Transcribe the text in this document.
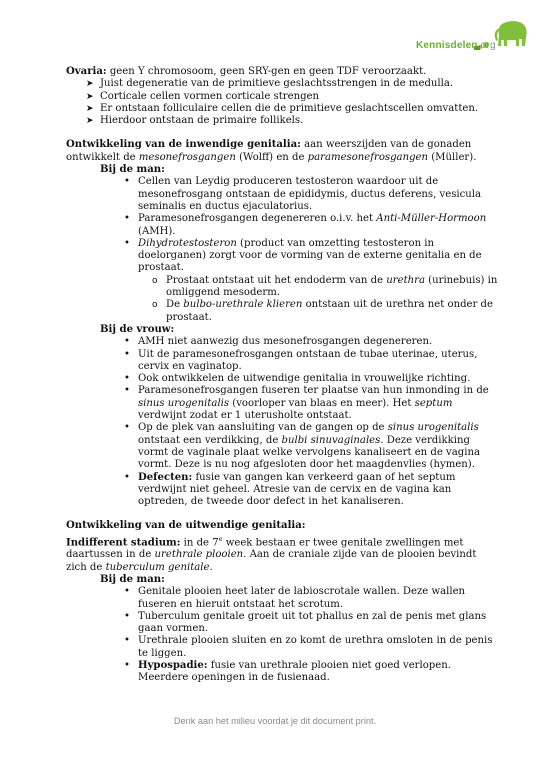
Kennisdelen.org

Ovaria: geen Y chromosoom, geen SRY-gen en geen TDF veroorzaakt.

➤ Juist degeneratie van de primitieve geslachtsstrengen in de medulla.
➤ Corticale cellen vormen corticale strengen
➤ Er ontstaan folliculaire cellen die de primitieve geslachtscellen omvatten.
➤ Hierdoor ontstaan de primaire follikels.

Ontwikkeling van de inwendige genitalia: aan weerszijden van de gonaden ontwikkelt de mesonefrosgangen (Wolff) en de paramesonefrosgangen (Müller).

Bij de man:

• Cellen van Leydig produceren testosteron waardoor uit de mesonefrosgang ontstaan de epididymis, ductus deferens, vesicula seminalis en ductus ejaculatorius.
• Paramesonefrosgangen degenereren o.i.v. het Anti-Müller-Hormoon (AMH).
• Dihydrotestosteron (product van omzetting testosteron in doelorganen) zorgt voor de vorming van de externe genitalia en de prostaat.
o Prostaat ontstaat uit het endoderm van de urethra (urinebuis) in omliggend mesoderm.
o De bulbo-urethrale klieren ontstaan uit de urethra net onder de prostaat.

Bij de vrouw:

• AMH niet aanwezig dus mesonefrosgangen degenereren.
• Uit de paramesonefrosgangen ontstaan de tubae uterinae, uterus, cervix en vaginatop.
• Ook ontwikkelen de uitwendige genitalia in vrouwelijke richting.
• Paramesonefrosgangen fuseren ter plaatse van hun inmonding in de sinus urogenitalis (voorloper van blaas en meer). Het septum verdwijnt zodat er 1 uterusholte ontstaat.
• Op de plek van aansluiting van de gangen op de sinus urogenitalis ontstaat een verdikking, de bulbi sinuvaginales. Deze verdikking vormt de vaginale plaat welke vervolgens kanaliseert en de vagina vormt. Deze is nu nog afgesloten door het maagdenvlies (hymen).
• Defecten: fusie van gangen kan verkeerd gaan of het septum verdwijnt niet geheel. Atresie van de cervix en de vagina kan optreden, de tweede door defect in het kanaliseren.

Ontwikkeling van de uitwendige genitalia:

Indifferent stadium: in de 7e week bestaan er twee genitale zwellingen met daartussen in de urethrale plooien. Aan de craniale zijde van de plooien bevindt zich de tuberculum genitale.

Bij de man:

• Genitale plooien heet later de labioscrotale wallen. Deze wallen fuseren en hieruit ontstaat het scrotum.
• Tuberculum genitale groeit uit tot phallus en zal de penis met glans gaan vormen.
• Urethrale plooien sluiten en zo komt de urethra omsloten in de penis te liggen.
• Hypospadie: fusie van urethrale plooien niet goed verlopen. Meerdere openingen in de fusienaad.
Denk aan het milieu voordat je dit document print.
